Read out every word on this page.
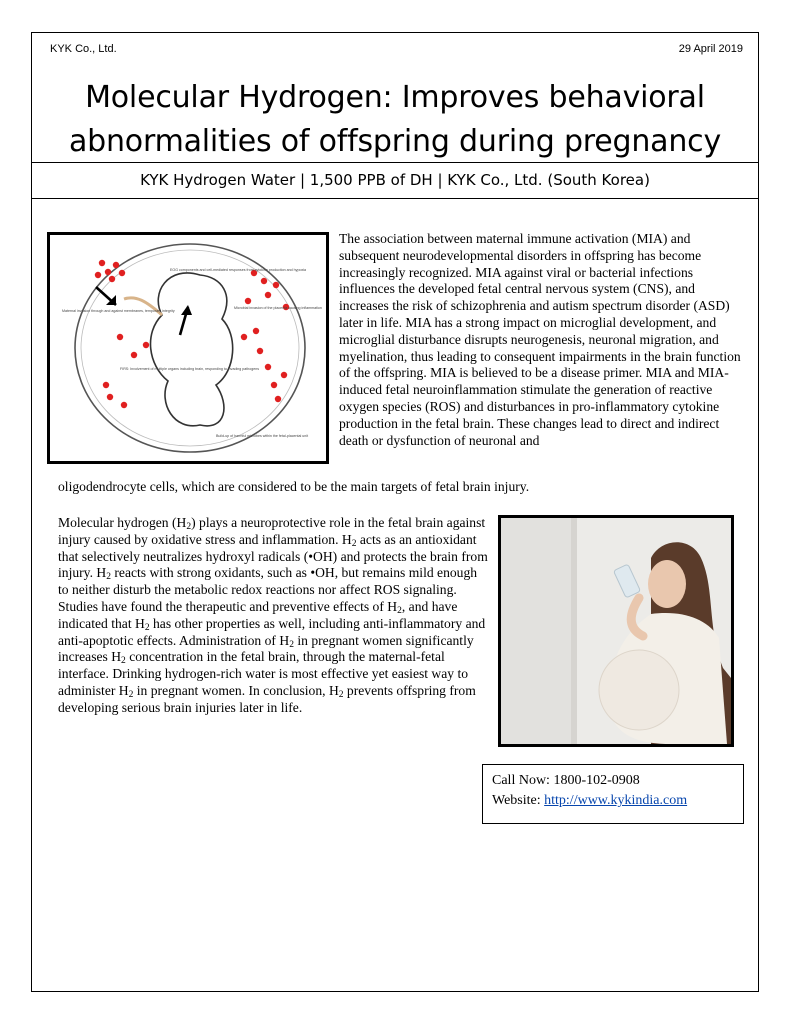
KYK Co., Ltd.	29 April 2019
Molecular Hydrogen: Improves behavioral
abnormalities of offspring during pregnancy
KYK Hydrogen Water | 1,500 PPB of DH | KYK Co., Ltd. (South Korea)
Maternal invasion through and against membranes, temporary integrity
EOG components and cell-mediated responses from cytokine production and hypoxia
Microbial invasion of the placenta causing inflammation
FIRS: Involvement of multiple organs including brain, responding to invading pathogens
Build-up of harmful microbes within the fetal-placental unit
The association between maternal immune activation (MIA) and subsequent neurodevelopmental disorders in offspring has become increasingly recognized. MIA against viral or bacterial infections influences the developed fetal central nervous system (CNS), and increases the risk of schizophrenia and autism spectrum disorder (ASD) later in life. MIA has a strong impact on microglial development, and microglial disturbance disrupts neurogenesis, neuronal migration, and myelination, thus leading to consequent impairments in the brain function of the offspring. MIA is believed to be a disease primer. MIA and MIA-induced fetal neuroinflammation stimulate the generation of reactive oxygen species (ROS) and disturbances in pro-inflammatory cytokine production in the fetal brain. These changes lead to direct and indirect death or dysfunction of neuronal and
oligodendrocyte cells, which are considered to be the main targets of fetal brain injury.
Molecular hydrogen $(H_2)$ plays a neuroprotective role in the fetal brain against injury caused by oxidative stress and inflammation. $H_2$ acts as an antioxidant that selectively neutralizes hydroxyl radicals (•OH) and protects the brain from injury. $H_2$ reacts with strong oxidants, such as •OH, but remains mild enough to neither disturb the metabolic redox reactions nor affect ROS signaling. Studies have found the therapeutic and preventive effects of $H_2$, and have indicated that $H_2$ has other properties as well, including anti-inflammatory and anti-apoptotic effects. Administration of $H_2$ in pregnant women significantly increases $H_2$ concentration in the fetal brain, through the maternal-fetal interface. Drinking hydrogen-rich water is most effective yet easiest way to administer $H_2$ in pregnant women. In conclusion, $H_2$ prevents offspring from developing serious brain injuries later in life.
Call Now: 1800-102-0908
Website: http://www.kykindia.com
